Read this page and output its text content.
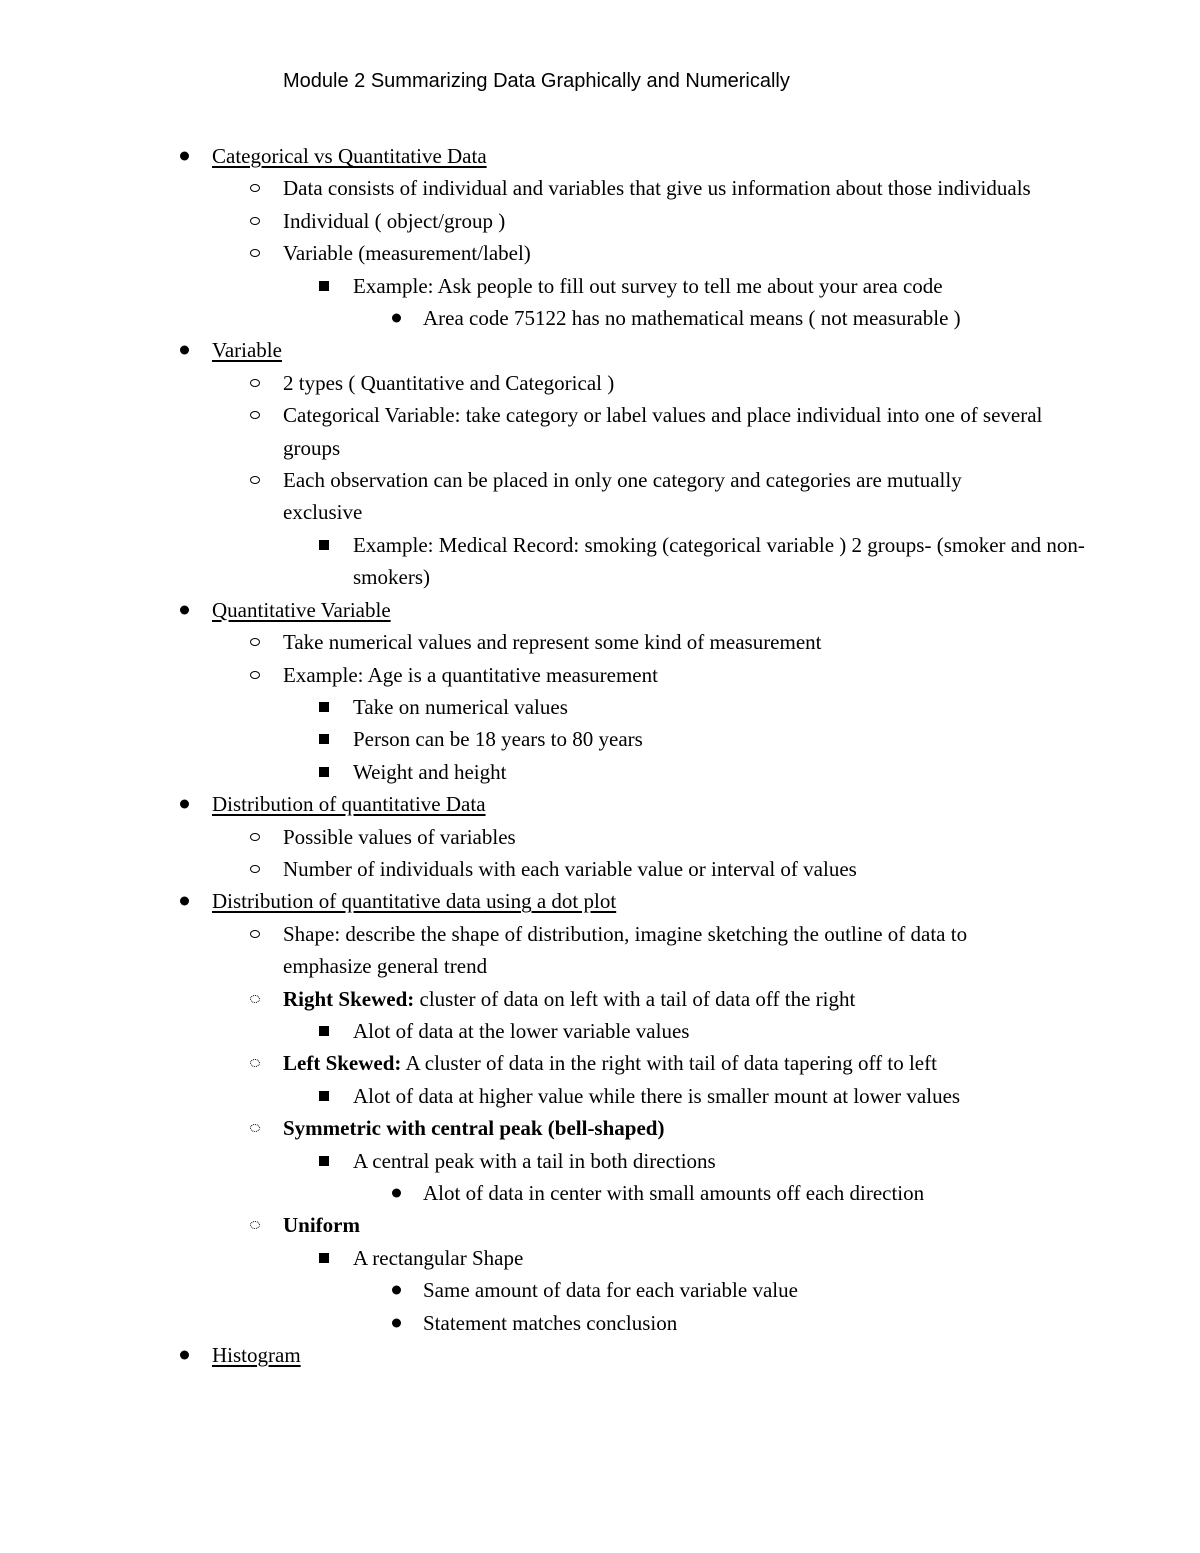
Module 2 Summarizing Data Graphically and Numerically
Categorical vs Quantitative Data
Data consists of individual and variables that give us information about those individuals
Individual ( object/group )
Variable (measurement/label)
Example: Ask people to fill out survey to tell me about your area code
Area code 75122 has no mathematical means ( not measurable )
Variable
2 types ( Quantitative and Categorical )
Categorical Variable: take category or label values and place individual into one of several groups
Each observation can be placed in only one category and categories are mutually exclusive
Example: Medical Record: smoking (categorical variable ) 2 groups- (smoker and non-smokers)
Quantitative Variable
Take numerical values and represent some kind of measurement
Example: Age is a quantitative measurement
Take on numerical values
Person can be 18 years to 80 years
Weight and height
Distribution of quantitative Data
Possible values of variables
Number of individuals with each variable value or interval of values
Distribution of quantitative data using a dot plot
Shape: describe the shape of distribution, imagine sketching the outline of data to emphasize general trend
Right Skewed: cluster of data on left with a tail of data off the right
Alot of data at the lower variable values
Left Skewed: A cluster of data in the right with tail of data tapering off to left
Alot of data at higher value while there is smaller mount at lower values
Symmetric with central peak (bell-shaped)
A central peak with a tail in both directions
Alot of data in center with small amounts off each direction
Uniform
A rectangular Shape
Same amount of data for each variable value
Statement matches conclusion
Histogram
